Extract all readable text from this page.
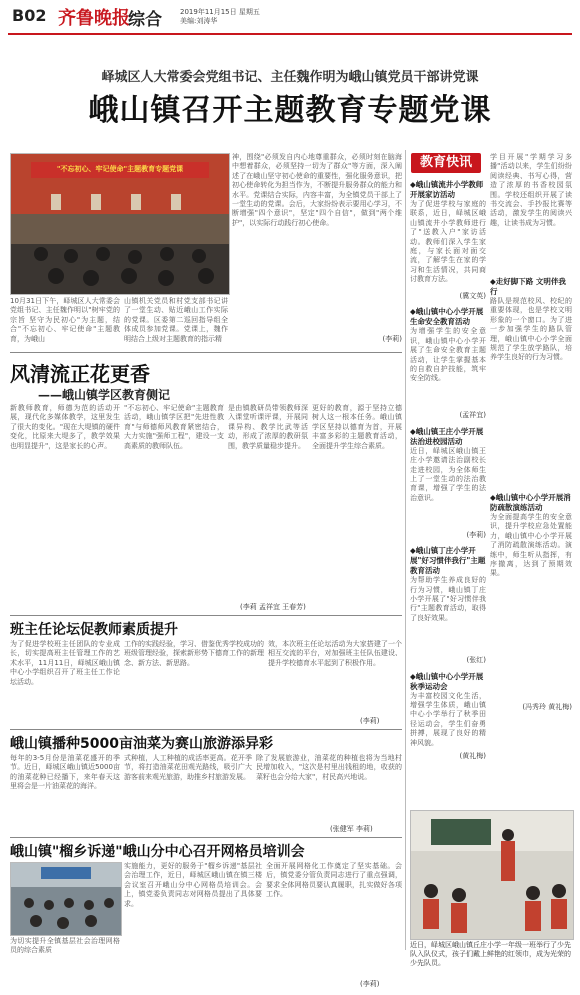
B02 齐鲁晚报
综合	2019年11月15日 星期五
美编:刘涛华
峄城区人大常委会党组书记、主任魏作明为峨山镇党员干部讲党课
峨山镇召开主题教育专题党课
"不忘初心、牢记使命"主题教育专题党课
10月31日下午，峄城区人大常委会党组书记、主任魏作明以"树牢党的宗旨 坚守为民初心"为主题，结合"不忘初心、牢记使命"主题教育，为峨山
山镇机关党员和村党支部书记讲了一堂生动、贴近峨山工作实际的党课。区委第二巡回指导组全体成员参加党课。党课上，魏作明结合上级对主题教育的指示精
神，围绕"必须发自内心地尊重群众，必须时刻在脑海中想着群众，必须坚持一切为了群众"等方面，深入阐述了在峨山坚守初心使命的重要性，强化服务意识，把初心使命转化为担当作为，不断提升服务群众的能力和水平。党课结合实际，内容丰富，为全镇党员干部上了一堂生动的党课。会后，大家纷纷表示要用心学习，不断增强"四个意识"，坚定"四个自信"，做到"两个维护"，以实际行动践行初心使命。
(李莉)
风清流正花更香
——峨山镇学区教育侧记
新教师教育，师德为范的活动开展，现代化多媒体教学，这里发生了很大的变化。"现在大堤镇的硬件变化，比原来大堤多了，教学效果也明显提升"，这是家长的心声。
"不忘初心、牢记使命"主题教育活动，峨山镇学区把"先进性教育"与师德师风教育紧密结合，大力实施"强师工程"，建设一支高素质的教师队伍。
是由镇教研员带领教师深入课堂听课评课，开展同课异构、教学比武等活动，形成了浓厚的教研氛围，教学质量稳步提升。
更好的教育，源于坚持立德树人这一根本任务。峨山镇学区坚持以德育为首，开展丰富多彩的主题教育活动，全面提升学生综合素质。
(李莉 孟祥宜 王春芳)
班主任论坛促教师素质提升
为了促进学校班主任团队的专业成长，切实提高班主任管理工作的艺术水平，11月11日，峄城区峨山镇中心小学组织召开了班主任工作论坛活动。
工作的实践经验，学习、借鉴优秀学校成功的班级管理经验，探索新形势下德育工作的新理念、新方法、新思路。
效，本次班主任论坛活动为大家搭建了一个相互交流的平台，对加强班主任队伍建设、提升学校德育水平起到了积极作用。
(李莉)
峨山镇播种5000亩油菜为赛山旅游添异彩
每年的3-5月份是油菜花盛开的季节。近日，峄城区峨山镇近5000亩的油菜花种已经播下，来年春天这里将会是一片油菜花的海洋。
式种植，人工种植的成活率更高。花开季节，将打造油菜花田观光路线，吸引广大游客前来观光旅游，助推乡村旅游发展。
除了发展旅游业，油菜花的种植也将为当地村民增加收入，"这次是村里出钱租的地，收获的菜籽也会分给大家"，村民高兴地说。
(张健军 李莉)
峨山镇"榴乡诉递"峨山分中心召开网格员培训会
为切实提升全镇基层社会治理网格员的综合素质
实施能力，更好的服务于"榴乡诉递"基层社会治理工作，近日，峄城区峨山镇在镇三楼会议室召开峨山分中心网格员培训会。会上，镇党委负责同志对网格员提出了具体要求。
全面开展网格化工作奠定了坚实基础。会后，镇党委分管负责同志进行了重点强调，要求全体网格员要认真履职，扎实做好各项工作。
(李莉)
教育快讯
◆峨山镇流井小学教师开展家访活动
为了促进学校与家庭的联系，近日，峄城区峨山镇流井小学教师进行了"送教入户"家访活动。教师们深入学生家庭，与家长面对面交流，了解学生在家的学习和生活情况，共同商讨教育方法。
(冀文英)
◆峨山镇中心小学开展生命安全教育活动
为增强学生的安全意识，峨山镇中心小学开展了生命安全教育主题活动，让学生掌握基本的自救自护技能，筑牢安全防线。
(孟祥宜)
◆峨山镇王庄小学开展法治进校园活动
近日，峄城区峨山镇王庄小学邀请法治副校长走进校园，为全体师生上了一堂生动的法治教育课，增强了学生的法治意识。
(李莉)
◆峨山镇丁庄小学开展"好习惯伴我行"主题教育活动
为帮助学生养成良好的行为习惯，峨山镇丁庄小学开展了"好习惯伴我行"主题教育活动，取得了良好效果。
(张红)
◆峨山镇中心小学开展秋季运动会
为丰富校园文化生活，增强学生体质，峨山镇中心小学举行了秋季田径运动会，学生们奋勇拼搏，展现了良好的精神风貌。
(黄礼梅)
学目开展"学期学习多播"活动以来，学生们纷纷阅读经典、书写心得，营造了浓厚的书香校园氛围。学校还组织开展了读书交流会、手抄报比赛等活动，激发学生的阅读兴趣，让读书成为习惯。
◆走好脚下路 文明伴我行
路队是规范校风、校纪的重要体现，也是学校文明形象的一个窗口。为了进一步加强学生的路队管理，峨山镇中心小学全面规范了学生放学路队，培养学生良好的行为习惯。
◆峨山镇中心小学开展消防疏散演练活动
为全面提高学生的安全意识，提升学校应急处置能力，峨山镇中心小学开展了消防疏散演练活动。演练中，师生听从指挥，有序撤离，达到了预期效果。
(冯秀玲 黄礼梅)
近日，峄城区峨山镇丘庄小学一年级一班举行了少先队入队仪式，孩子们戴上鲜艳的红领巾，成为光荣的少先队员。
